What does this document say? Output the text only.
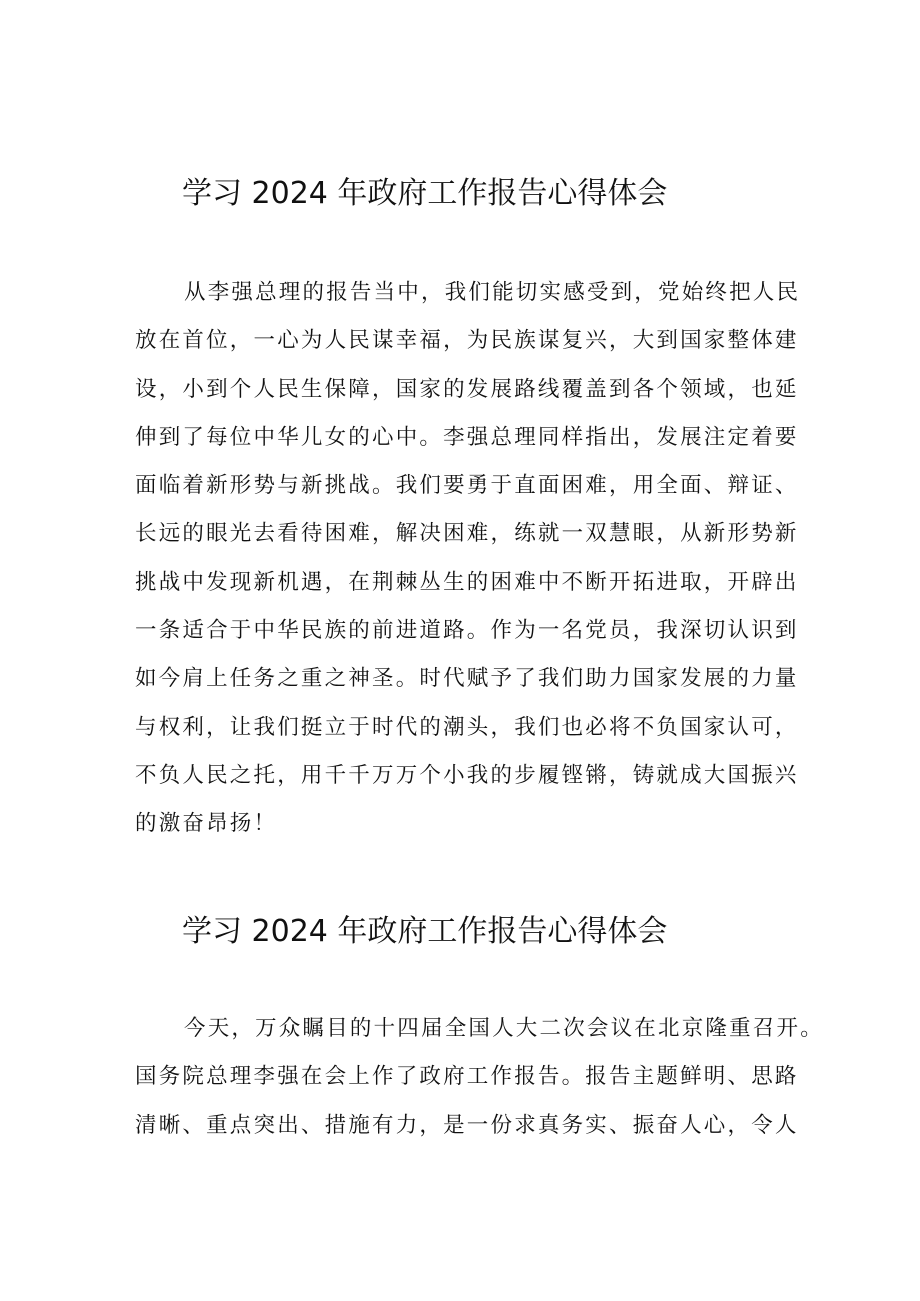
学习 2024 年政府工作报告心得体会
从李强总理的报告当中，我们能切实感受到，党始终把人民
放在首位，一心为人民谋幸福，为民族谋复兴，大到国家整体建
设，小到个人民生保障，国家的发展路线覆盖到各个领域，也延
伸到了每位中华儿女的心中。李强总理同样指出，发展注定着要
面临着新形势与新挑战。我们要勇于直面困难，用全面、辩证、
长远的眼光去看待困难，解决困难，练就一双慧眼，从新形势新
挑战中发现新机遇，在荆棘丛生的困难中不断开拓进取，开辟出
一条适合于中华民族的前进道路。作为一名党员，我深切认识到
如今肩上任务之重之神圣。时代赋予了我们助力国家发展的力量
与权利，让我们挺立于时代的潮头，我们也必将不负国家认可，
不负人民之托，用千千万万个小我的步履铿锵，铸就成大国振兴
的激奋昂扬！
学习 2024 年政府工作报告心得体会
今天，万众瞩目的十四届全国人大二次会议在北京隆重召开。
国务院总理李强在会上作了政府工作报告。报告主题鲜明、思路
清晰、重点突出、措施有力，是一份求真务实、振奋人心，令人
